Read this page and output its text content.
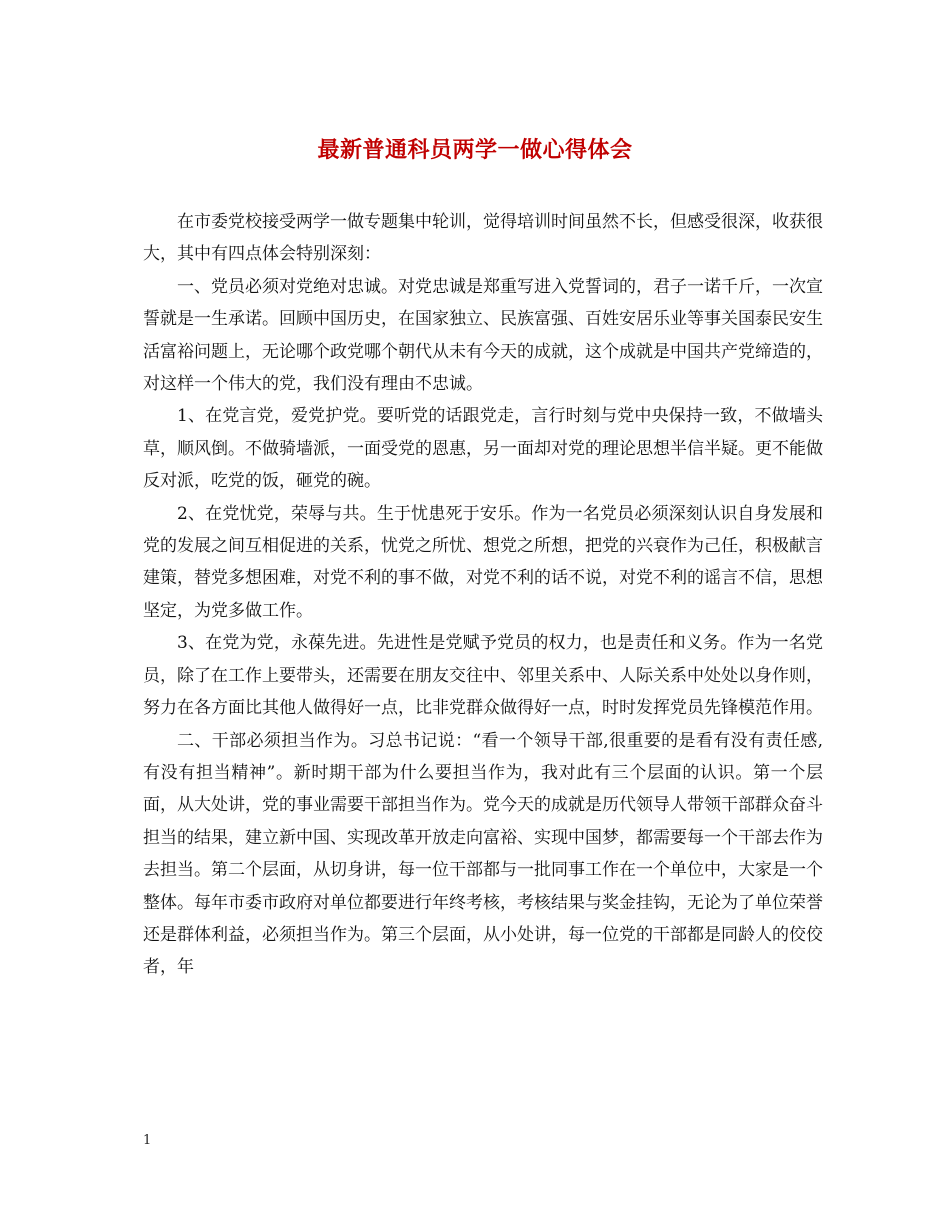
最新普通科员两学一做心得体会

在市委党校接受两学一做专题集中轮训，觉得培训时间虽然不长，但感受很深，收获很大，其中有四点体会特别深刻：

一、党员必须对党绝对忠诚。对党忠诚是郑重写进入党誓词的，君子一诺千斤，一次宣誓就是一生承诺。回顾中国历史，在国家独立、民族富强、百姓安居乐业等事关国泰民安生活富裕问题上，无论哪个政党哪个朝代从未有今天的成就，这个成就是中国共产党缔造的，对这样一个伟大的党，我们没有理由不忠诚。

1、在党言党，爱党护党。要听党的话跟党走，言行时刻与党中央保持一致，不做墙头草，顺风倒。不做骑墙派，一面受党的恩惠，另一面却对党的理论思想半信半疑。更不能做反对派，吃党的饭，砸党的碗。

2、在党忧党，荣辱与共。生于忧患死于安乐。作为一名党员必须深刻认识自身发展和党的发展之间互相促进的关系，忧党之所忧、想党之所想，把党的兴衰作为己任，积极献言建策，替党多想困难，对党不利的事不做，对党不利的话不说，对党不利的谣言不信，思想坚定，为党多做工作。

3、在党为党，永葆先进。先进性是党赋予党员的权力，也是责任和义务。作为一名党员，除了在工作上要带头，还需要在朋友交往中、邻里关系中、人际关系中处处以身作则，努力在各方面比其他人做得好一点，比非党群众做得好一点，时时发挥党员先锋模范作用。

二、干部必须担当作为。习总书记说：“看一个领导干部,很重要的是看有没有责任感,有没有担当精神”。新时期干部为什么要担当作为，我对此有三个层面的认识。第一个层面，从大处讲，党的事业需要干部担当作为。党今天的成就是历代领导人带领干部群众奋斗担当的结果，建立新中国、实现改革开放走向富裕、实现中国梦，都需要每一个干部去作为去担当。第二个层面，从切身讲，每一位干部都与一批同事工作在一个单位中，大家是一个整体。每年市委市政府对单位都要进行年终考核，考核结果与奖金挂钩，无论为了单位荣誉还是群体利益，必须担当作为。第三个层面，从小处讲，每一位党的干部都是同龄人的佼佼者，年

1
